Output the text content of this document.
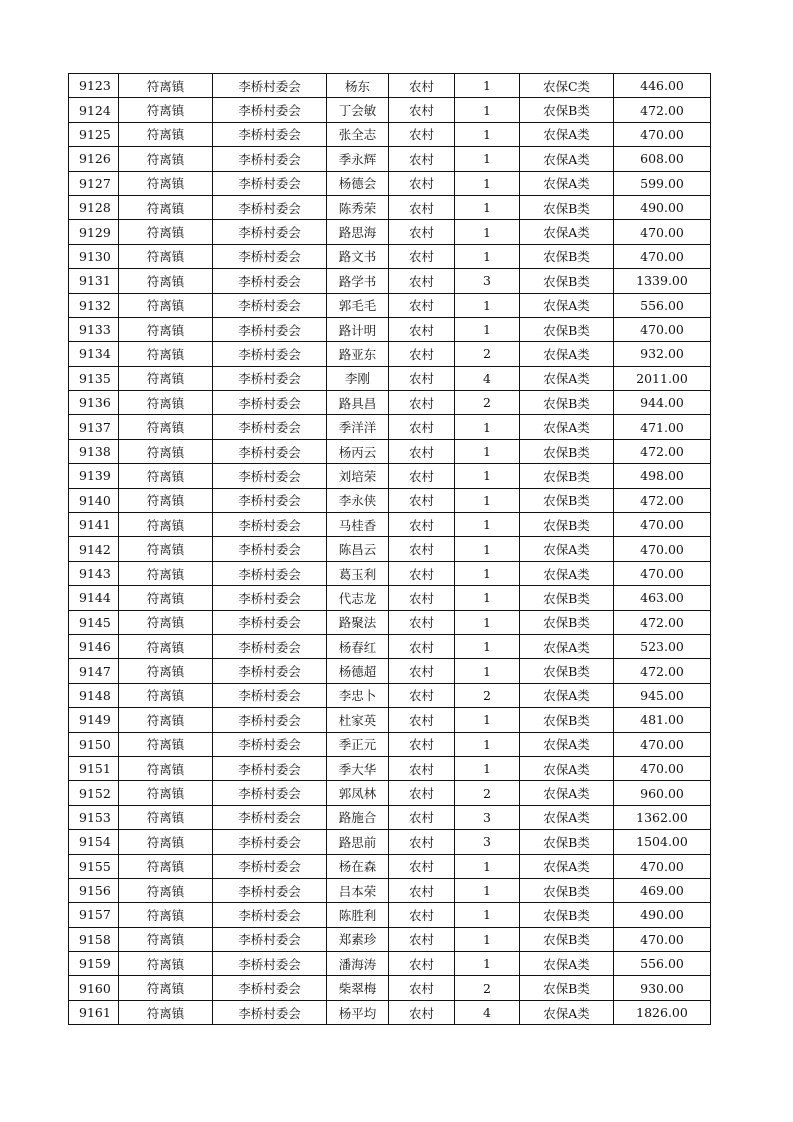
9123	符离镇	李桥村委会	杨东	农村	1	农保C类	446.00
9124	符离镇	李桥村委会	丁会敏	农村	1	农保B类	472.00
9125	符离镇	李桥村委会	张全志	农村	1	农保A类	470.00
9126	符离镇	李桥村委会	季永辉	农村	1	农保A类	608.00
9127	符离镇	李桥村委会	杨德会	农村	1	农保A类	599.00
9128	符离镇	李桥村委会	陈秀荣	农村	1	农保B类	490.00
9129	符离镇	李桥村委会	路思海	农村	1	农保A类	470.00
9130	符离镇	李桥村委会	路文书	农村	1	农保B类	470.00
9131	符离镇	李桥村委会	路学书	农村	3	农保B类	1339.00
9132	符离镇	李桥村委会	郭毛毛	农村	1	农保A类	556.00
9133	符离镇	李桥村委会	路计明	农村	1	农保B类	470.00
9134	符离镇	李桥村委会	路亚东	农村	2	农保A类	932.00
9135	符离镇	李桥村委会	李刚	农村	4	农保A类	2011.00
9136	符离镇	李桥村委会	路具昌	农村	2	农保B类	944.00
9137	符离镇	李桥村委会	季洋洋	农村	1	农保A类	471.00
9138	符离镇	李桥村委会	杨丙云	农村	1	农保B类	472.00
9139	符离镇	李桥村委会	刘培荣	农村	1	农保B类	498.00
9140	符离镇	李桥村委会	李永侠	农村	1	农保B类	472.00
9141	符离镇	李桥村委会	马桂香	农村	1	农保B类	470.00
9142	符离镇	李桥村委会	陈昌云	农村	1	农保A类	470.00
9143	符离镇	李桥村委会	葛玉利	农村	1	农保A类	470.00
9144	符离镇	李桥村委会	代志龙	农村	1	农保B类	463.00
9145	符离镇	李桥村委会	路聚法	农村	1	农保B类	472.00
9146	符离镇	李桥村委会	杨春红	农村	1	农保A类	523.00
9147	符离镇	李桥村委会	杨德超	农村	1	农保B类	472.00
9148	符离镇	李桥村委会	李忠卜	农村	2	农保A类	945.00
9149	符离镇	李桥村委会	杜家英	农村	1	农保B类	481.00
9150	符离镇	李桥村委会	季正元	农村	1	农保A类	470.00
9151	符离镇	李桥村委会	季大华	农村	1	农保A类	470.00
9152	符离镇	李桥村委会	郭凤林	农村	2	农保A类	960.00
9153	符离镇	李桥村委会	路施合	农村	3	农保A类	1362.00
9154	符离镇	李桥村委会	路思前	农村	3	农保B类	1504.00
9155	符离镇	李桥村委会	杨在森	农村	1	农保A类	470.00
9156	符离镇	李桥村委会	吕本荣	农村	1	农保B类	469.00
9157	符离镇	李桥村委会	陈胜利	农村	1	农保B类	490.00
9158	符离镇	李桥村委会	郑素珍	农村	1	农保B类	470.00
9159	符离镇	李桥村委会	潘海涛	农村	1	农保A类	556.00
9160	符离镇	李桥村委会	柴翠梅	农村	2	农保B类	930.00
9161	符离镇	李桥村委会	杨平均	农村	4	农保A类	1826.00
